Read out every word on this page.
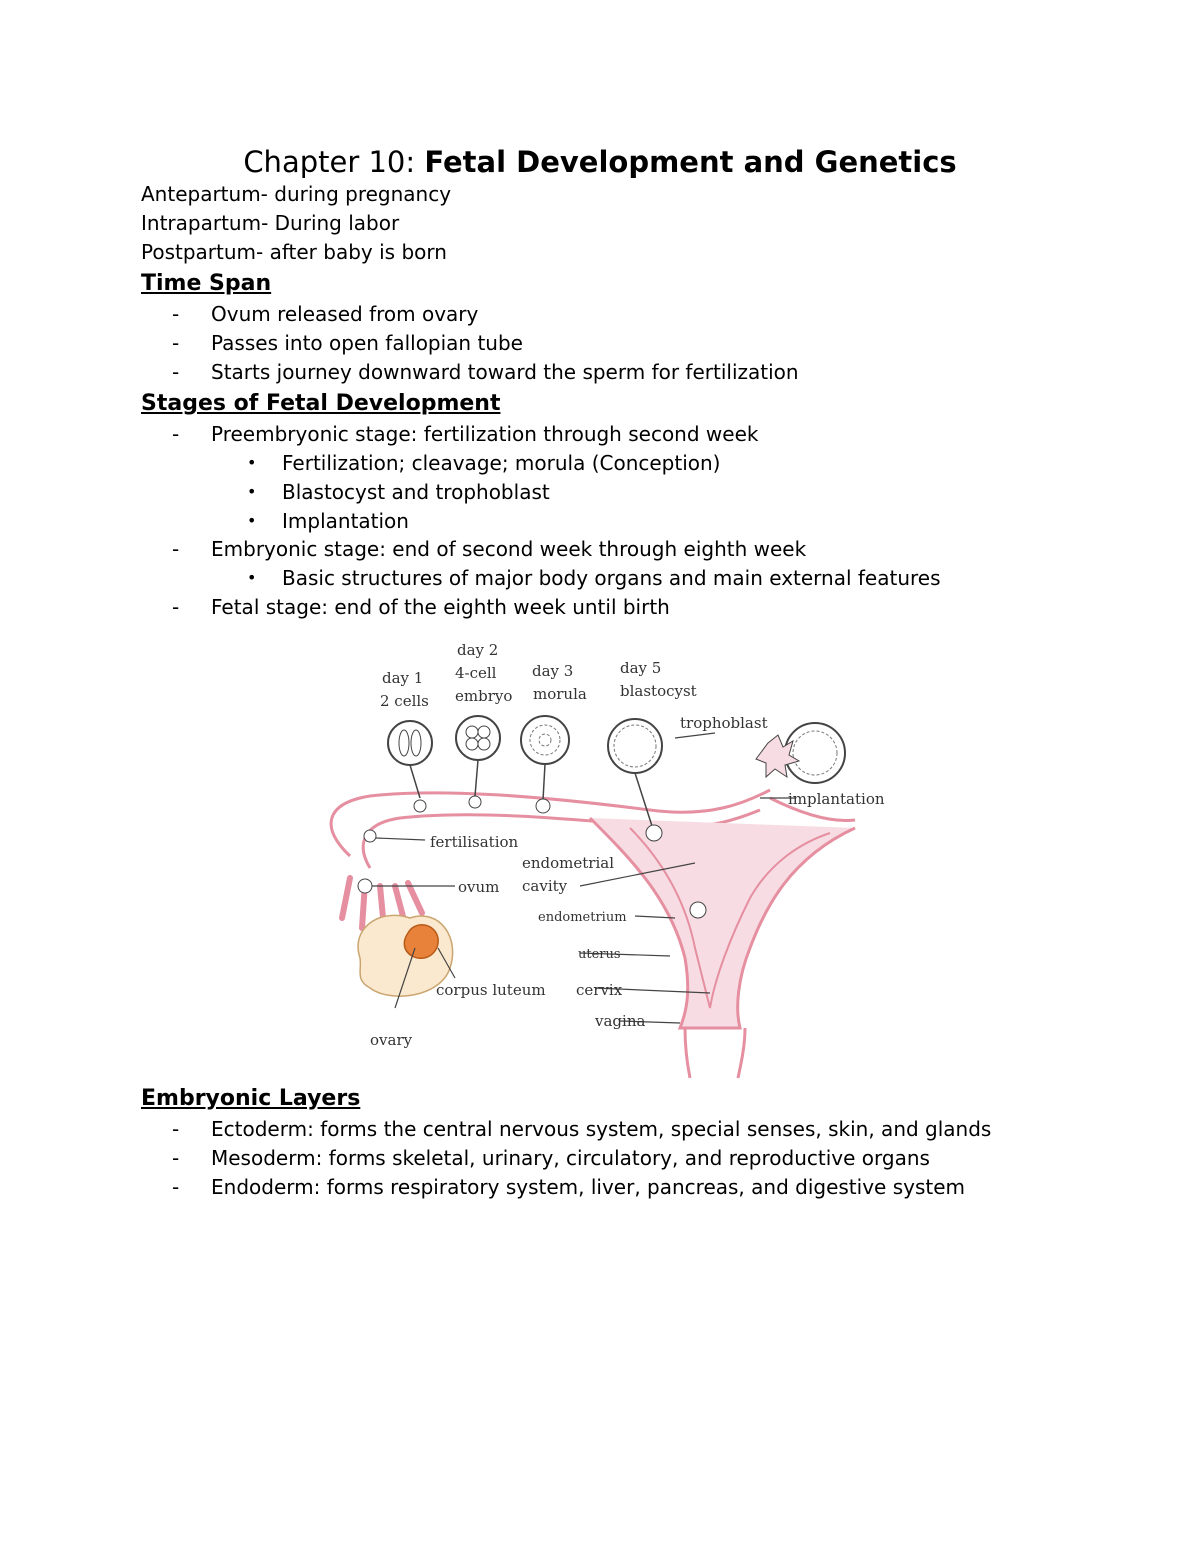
Chapter 10: Fetal Development and Genetics
Antepartum- during pregnancy
Intrapartum- During labor
Postpartum- after baby is born
Time Span
- Ovum released from ovary
- Passes into open fallopian tube
- Starts journey downward toward the sperm for fertilization
Stages of Fetal Development
- Preembryonic stage: fertilization through second week
• Fertilization; cleavage; morula (Conception)
• Blastocyst and trophoblast
• Implantation
- Embryonic stage: end of second week through eighth week
• Basic structures of major body organs and main external features
- Fetal stage: end of the eighth week until birth
day 1
2 cells
day 2
4-cell
embryo
day 3
morula
day 5
blastocyst
trophoblast
implantation
fertilisation
ovum
endometrial
cavity
endometrium
uterus
corpus luteum cervix
vagina
ovary
Embryonic Layers
- Ectoderm: forms the central nervous system, special senses, skin, and glands
- Mesoderm: forms skeletal, urinary, circulatory, and reproductive organs
- Endoderm: forms respiratory system, liver, pancreas, and digestive system
